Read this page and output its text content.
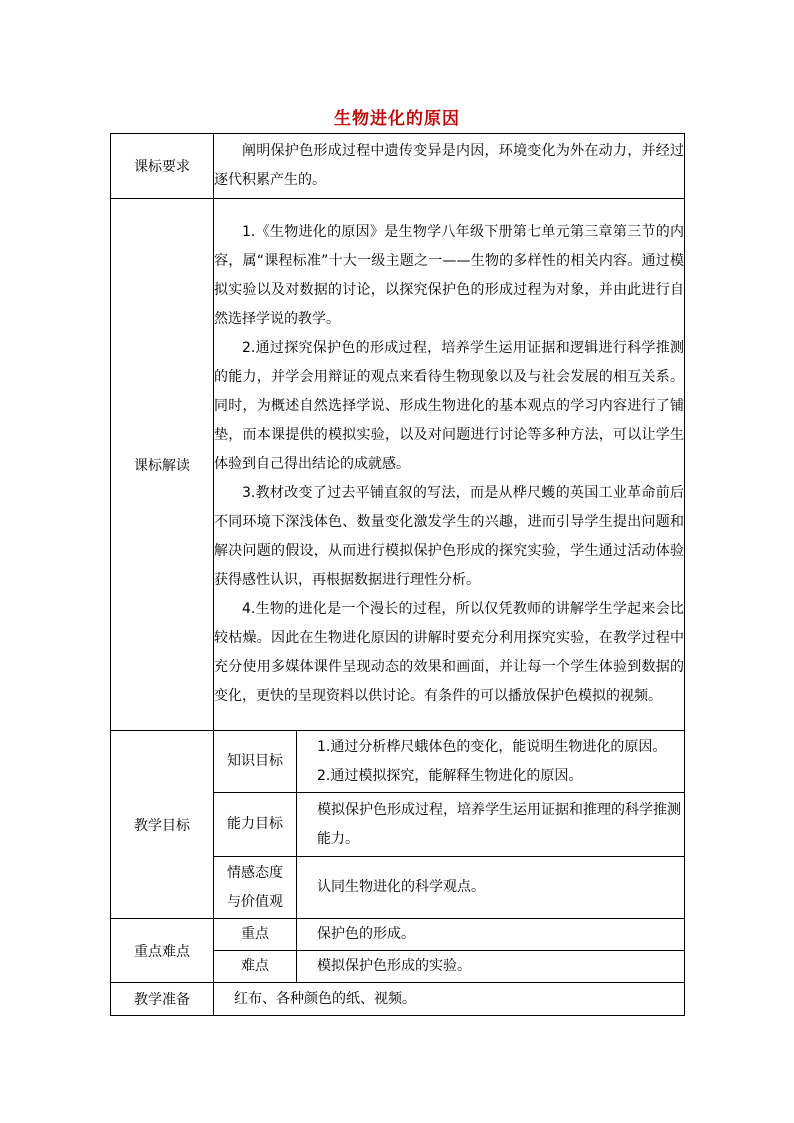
生物进化的原因
课标要求	阐明保护色形成过程中遗传变异是内因，环境变化为外在动力，并经过逐代积累产生的。	

课标解读	1.《生物进化的原因》是生物学八年级下册第七单元第三章第三节的内容，属“课程标准”十大一级主题之一——生物的多样性的相关内容。通过模拟实验以及对数据的讨论，以探究保护色的形成过程为对象，并由此进行自然选择学说的教学。

2.通过探究保护色的形成过程，培养学生运用证据和逻辑进行科学推测的能力，并学会用辩证的观点来看待生物现象以及与社会发展的相互关系。同时，为概述自然选择学说、形成生物进化的基本观点的学习内容进行了铺垫，而本课提供的模拟实验，以及对问题进行讨论等多种方法，可以让学生体验到自己得出结论的成就感。

3.教材改变了过去平铺直叙的写法，而是从桦尺蠖的英国工业革命前后不同环境下深浅体色、数量变化激发学生的兴趣，进而引导学生提出问题和解决问题的假设，从而进行模拟保护色形成的探究实验，学生通过活动体验获得感性认识，再根据数据进行理性分析。

4.生物的进化是一个漫长的过程，所以仅凭教师的讲解学生学起来会比较枯燥。因此在生物进化原因的讲解时要充分利用探究实验，在教学过程中充分使用多媒体课件呈现动态的效果和画面，并让每一个学生体验到数据的变化，更快的呈现资料以供讨论。有条件的可以播放保护色模拟的视频。	

教学目标	知识目标	1.通过分析桦尺蛾体色的变化，能说明生物进化的原因。
2.通过模拟探究，能解释生物进化的原因。

	能力目标	模拟保护色形成过程，培养学生运用证据和推理的科学推测能力。

	情感态度
与价值观	认同生物进化的科学观点。
重点难点	重点	保护色的形成。
	难点	模拟保护色形成的实验。
教学准备	红布、各种颜色的纸、视频。	
